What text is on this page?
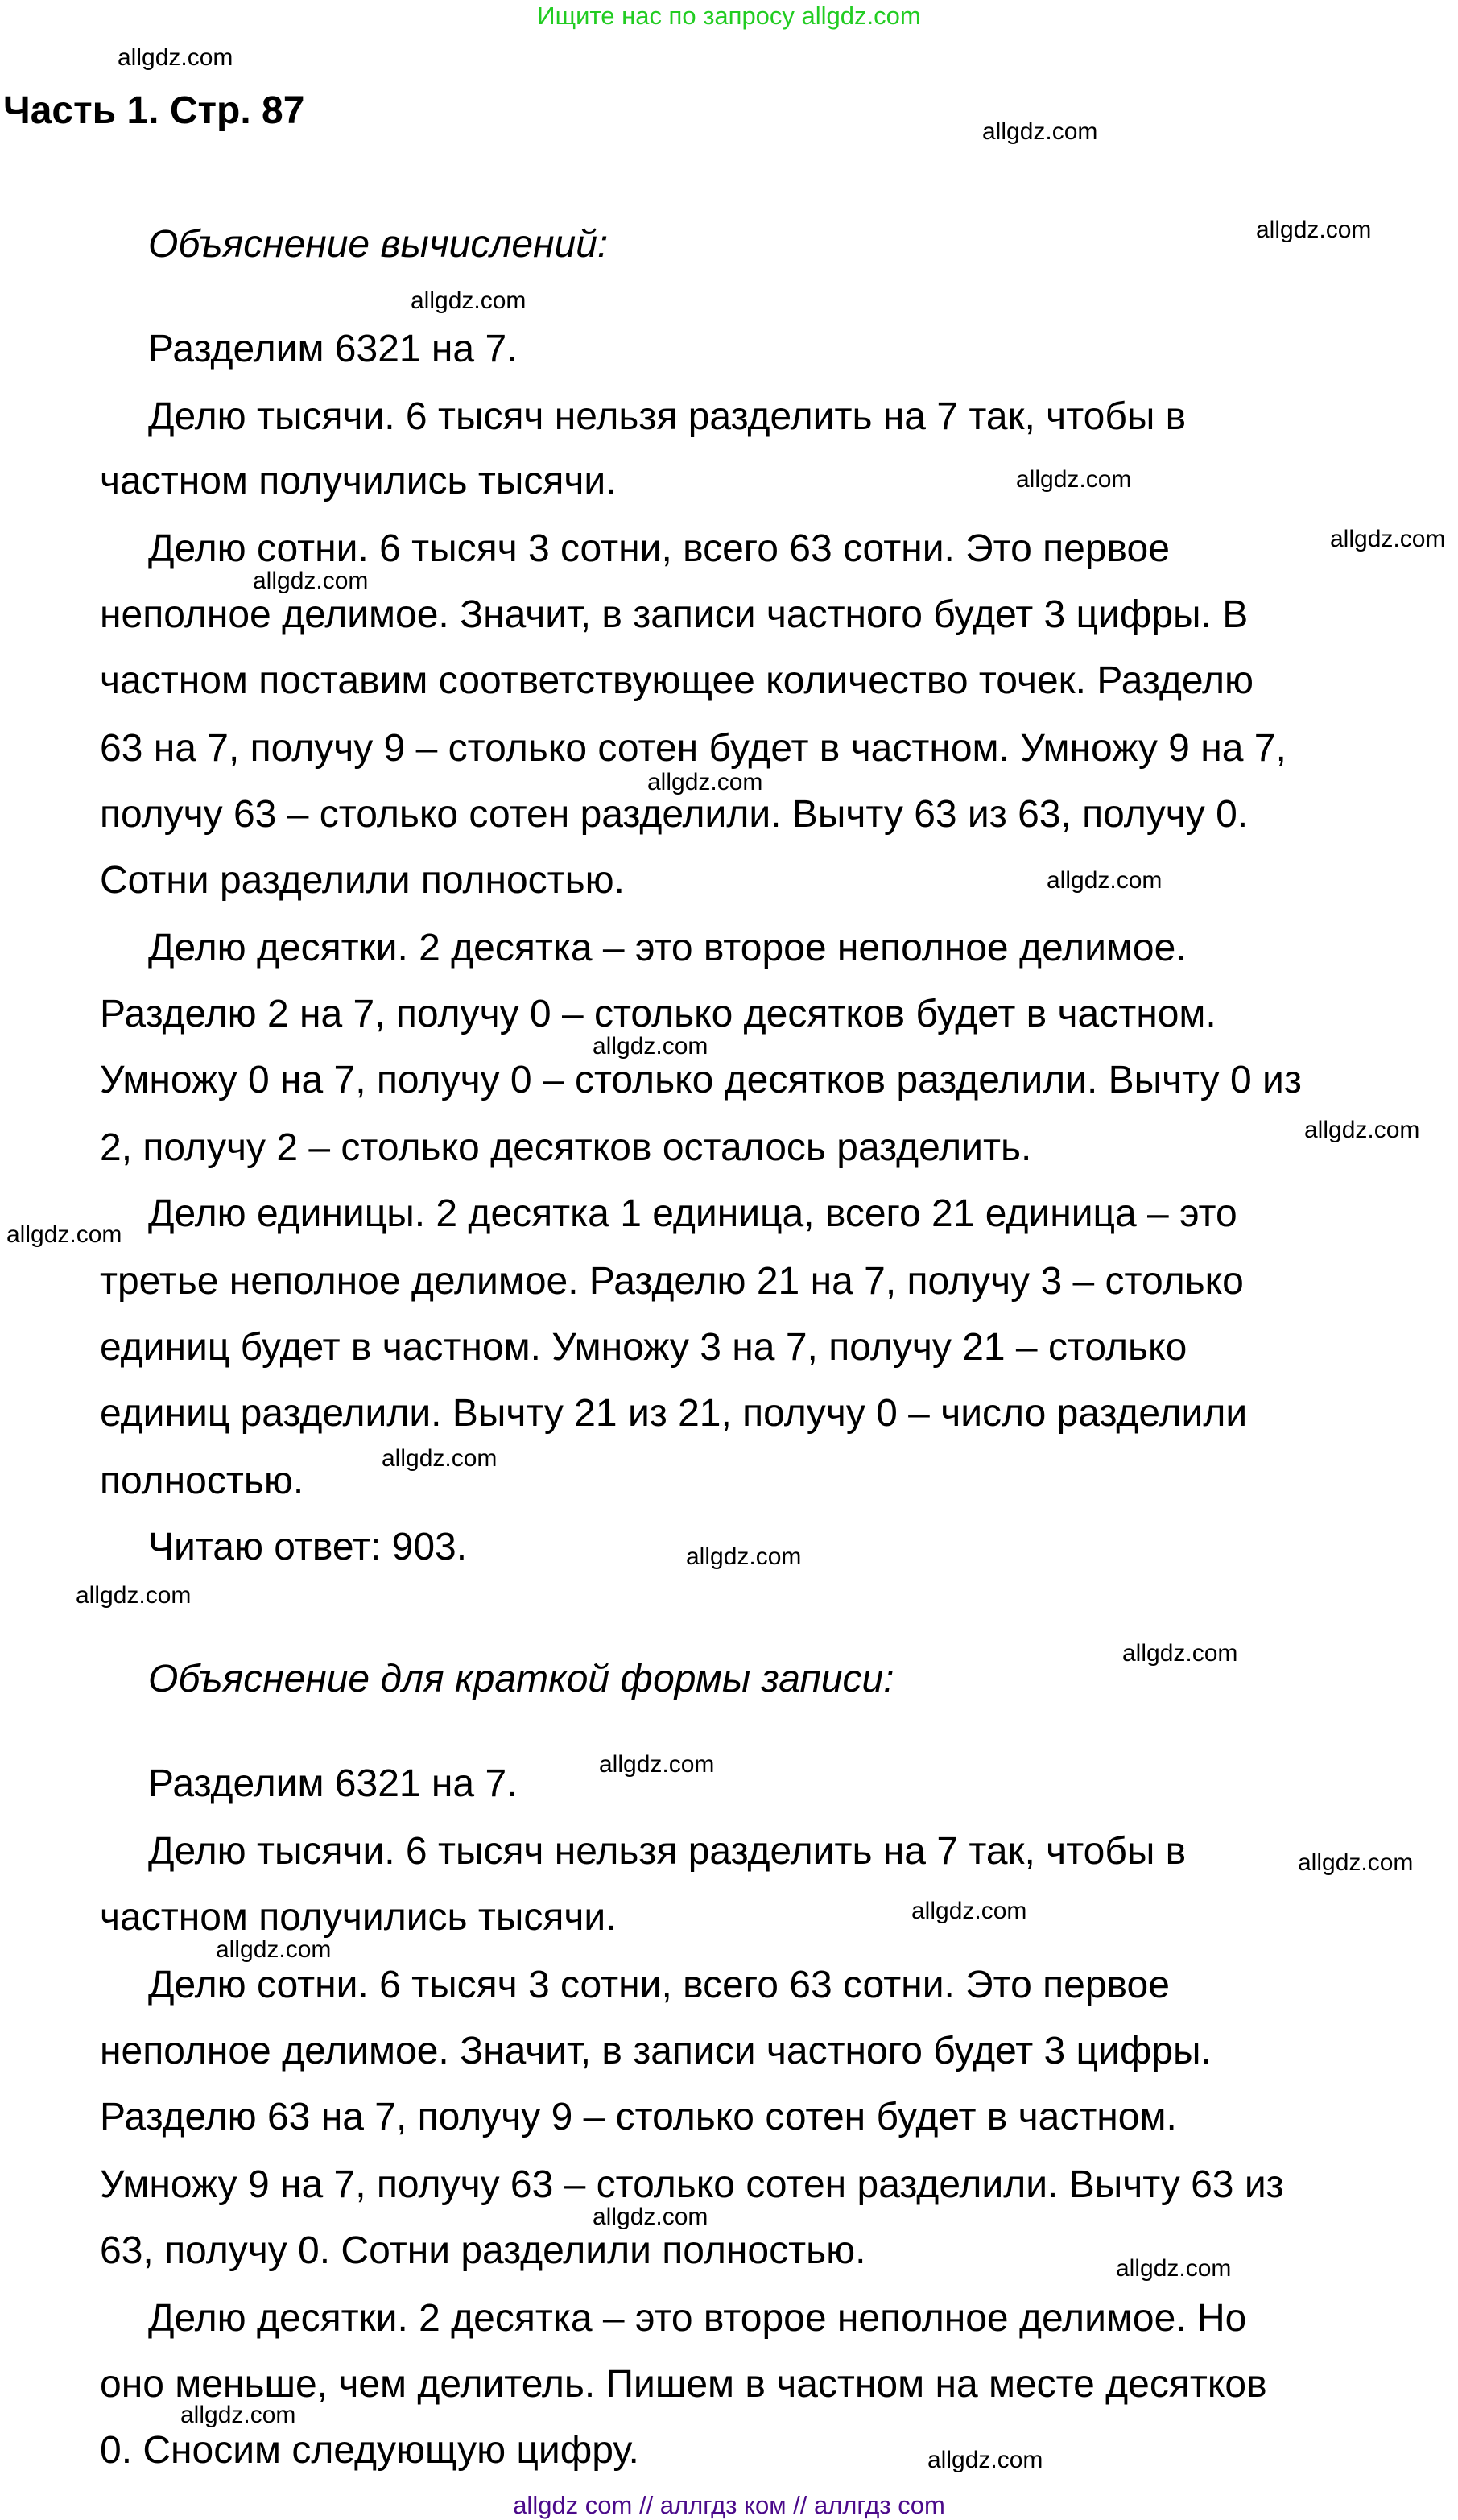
Ищите нас по запросу allgdz.com
Часть 1. Стр. 87
Объяснение вычислений:
Разделим 6321 на 7.
Делю тысячи. 6 тысяч нельзя разделить на 7 так, чтобы в
частном получились тысячи.
Делю сотни. 6 тысяч 3 сотни, всего 63 сотни. Это первое
неполное делимое. Значит, в записи частного будет 3 цифры. В
частном поставим соответствующее количество точек. Разделю
63 на 7, получу 9 – столько сотен будет в частном. Умножу 9 на 7,
получу 63 – столько сотен разделили. Вычту 63 из 63, получу 0.
Сотни разделили полностью.
Делю десятки. 2 десятка – это второе неполное делимое.
Разделю 2 на 7, получу 0 – столько десятков будет в частном.
Умножу 0 на 7, получу 0 – столько десятков разделили. Вычту 0 из
2, получу 2 – столько десятков осталось разделить.
Делю единицы. 2 десятка 1 единица, всего 21 единица – это
третье неполное делимое. Разделю 21 на 7, получу 3 – столько
единиц будет в частном. Умножу 3 на 7, получу 21 – столько
единиц разделили. Вычту 21 из 21, получу 0 – число разделили
полностью.
Читаю ответ: 903.
Объяснение для краткой формы записи:
Разделим 6321 на 7.
Делю тысячи. 6 тысяч нельзя разделить на 7 так, чтобы в
частном получились тысячи.
Делю сотни. 6 тысяч 3 сотни, всего 63 сотни. Это первое
неполное делимое. Значит, в записи частного будет 3 цифры.
Разделю 63 на 7, получу 9 – столько сотен будет в частном.
Умножу 9 на 7, получу 63 – столько сотен разделили. Вычту 63 из
63, получу 0. Сотни разделили полностью.
Делю десятки. 2 десятка – это второе неполное делимое. Но
оно меньше, чем делитель. Пишем в частном на месте десятков
0. Сносим следующую цифру.
allgdz.com
allgdz.com
allgdz.com
allgdz.com
allgdz.com
allgdz.com
allgdz.com
allgdz.com
allgdz.com
allgdz.com
allgdz.com
allgdz.com
allgdz.com
allgdz.com
allgdz.com
allgdz.com
allgdz.com
allgdz.com
allgdz.com
allgdz.com
allgdz.com
allgdz.com
allgdz.com
allgdz.com
allgdz com // аллгдз ком // аллгдз com
